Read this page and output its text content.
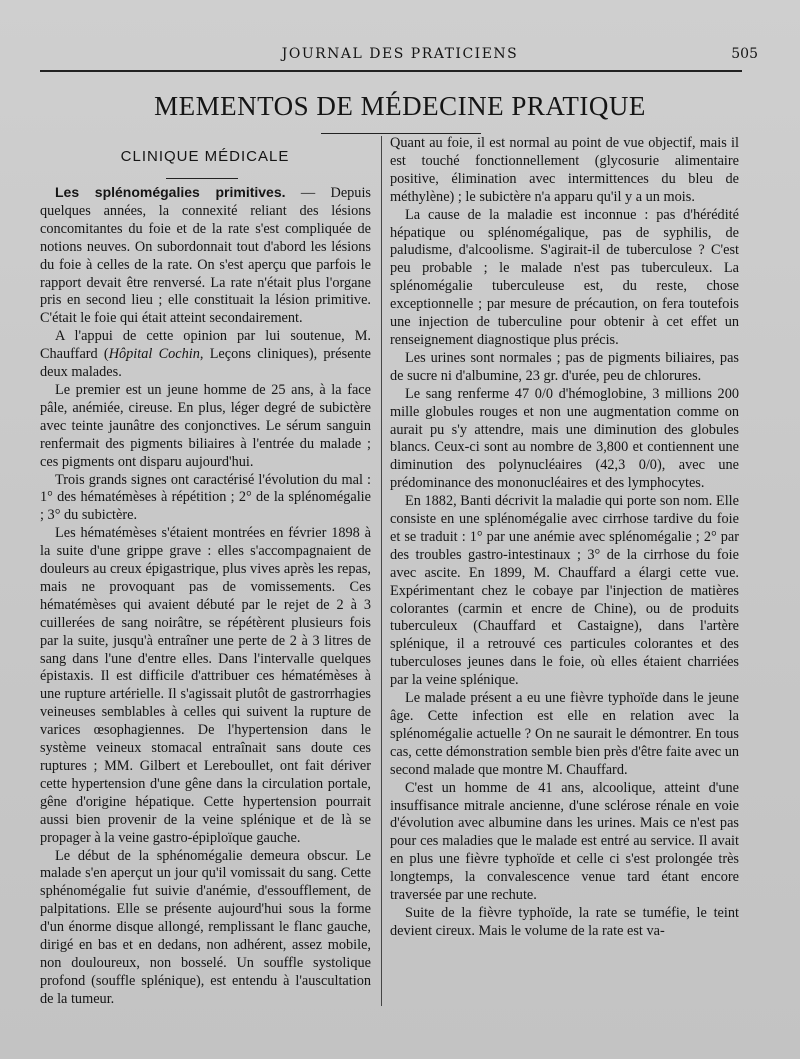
JOURNAL DES PRATICIENS	505
MEMENTOS DE MÉDECINE PRATIQUE
CLINIQUE MÉDICALE

Les splénomégalies primitives. — Depuis quelques années, la connexité reliant des lésions concomitantes du foie et de la rate s'est compliquée de notions neuves. On subordonnait tout d'abord les lésions du foie à celles de la rate. On s'est aperçu que parfois le rapport devait être renversé. La rate n'était plus l'organe pris en second lieu ; elle constituait la lésion primitive. C'était le foie qui était atteint secondairement.

A l'appui de cette opinion par lui soutenue, M. Chauffard (Hôpital Cochin, Leçons cliniques), présente deux malades.

Le premier est un jeune homme de 25 ans, à la face pâle, anémiée, cireuse. En plus, léger degré de subictère avec teinte jaunâtre des conjonctives. Le sérum sanguin renfermait des pigments biliaires à l'entrée du malade ; ces pigments ont disparu aujourd'hui.

Trois grands signes ont caractérisé l'évolution du mal : 1° des hématémèses à répétition ; 2° de la splénomégalie ; 3° du subictère.

Les hématémèses s'étaient montrées en février 1898 à la suite d'une grippe grave : elles s'accompagnaient de douleurs au creux épigastrique, plus vives après les repas, mais ne provoquant pas de vomissements. Ces hématémèses qui avaient débuté par le rejet de 2 à 3 cuillerées de sang noirâtre, se répétèrent plusieurs fois par la suite, jusqu'à entraîner une perte de 2 à 3 litres de sang dans l'une d'entre elles. Dans l'intervalle quelques épistaxis. Il est difficile d'attribuer ces hématémèses à une rupture artérielle. Il s'agissait plutôt de gastrorrhagies veineuses semblables à celles qui suivent la rupture de varices œsophagiennes. De l'hypertension dans le système veineux stomacal entraînait sans doute ces ruptures ; MM. Gilbert et Lereboullet, ont fait dériver cette hypertension d'une gêne dans la circulation portale, gêne d'origine hépatique. Cette hypertension pourrait aussi bien provenir de la veine splénique et de là se propager à la veine gastro-épiploïque gauche.

Le début de la sphénomégalie demeura obscur. Le malade s'en aperçut un jour qu'il vomissait du sang. Cette sphénomégalie fut suivie d'anémie, d'essoufflement, de palpitations. Elle se présente aujourd'hui sous la forme d'un énorme disque allongé, remplissant le flanc gauche, dirigé en bas et en dedans, non adhérent, assez mobile, non douloureux, non bosselé. Un souffle systolique profond (souffle splénique), est entendu à l'auscultation de la tumeur.

Quant au foie, il est normal au point de vue objectif, mais il est touché fonctionnellement (glycosurie alimentaire positive, élimination avec intermittences du bleu de méthylène) ; le subictère n'a apparu qu'il y a un mois.

La cause de la maladie est inconnue : pas d'hérédité hépatique ou splénomégalique, pas de syphilis, de paludisme, d'alcoolisme. S'agirait-il de tuberculose ? C'est peu probable ; le malade n'est pas tuberculeux. La splénomégalie tuberculeuse est, du reste, chose exceptionnelle ; par mesure de précaution, on fera toutefois une injection de tuberculine pour obtenir à cet effet un renseignement diagnostique plus précis.

Les urines sont normales ; pas de pigments biliaires, pas de sucre ni d'albumine, 23 gr. d'urée, peu de chlorures.

Le sang renferme 47 0/0 d'hémoglobine, 3 millions 200 mille globules rouges et non une augmentation comme on aurait pu s'y attendre, mais une diminution des globules blancs. Ceux-ci sont au nombre de 3,800 et contiennent une diminution des polynucléaires (42,3 0/0), avec une prédominance des mononucléaires et des lymphocytes.

En 1882, Banti décrivit la maladie qui porte son nom. Elle consiste en une splénomégalie avec cirrhose tardive du foie et se traduit : 1° par une anémie avec splénomégalie ; 2° par des troubles gastro-intestinaux ; 3° de la cirrhose du foie avec ascite. En 1899, M. Chauffard a élargi cette vue. Expérimentant chez le cobaye par l'injection de matières colorantes (carmin et encre de Chine), ou de produits tuberculeux (Chauffard et Castaigne), dans l'artère splénique, il a retrouvé ces particules colorantes et des tuberculoses jeunes dans le foie, où elles étaient charriées par la veine splénique.

Le malade présent a eu une fièvre typhoïde dans le jeune âge. Cette infection est elle en relation avec la splénomégalie actuelle ? On ne saurait le démontrer. En tous cas, cette démonstration semble bien près d'être faite avec un second malade que montre M. Chauffard.

C'est un homme de 41 ans, alcoolique, atteint d'une insuffisance mitrale ancienne, d'une sclérose rénale en voie d'évolution avec albumine dans les urines. Mais ce n'est pas pour ces maladies que le malade est entré au service. Il avait en plus une fièvre typhoïde et celle ci s'est prolongée très longtemps, la convalescence venue tard étant encore traversée par une rechute.

Suite de la fièvre typhoïde, la rate se tuméfie, le teint devient cireux. Mais le volume de la rate est va-
